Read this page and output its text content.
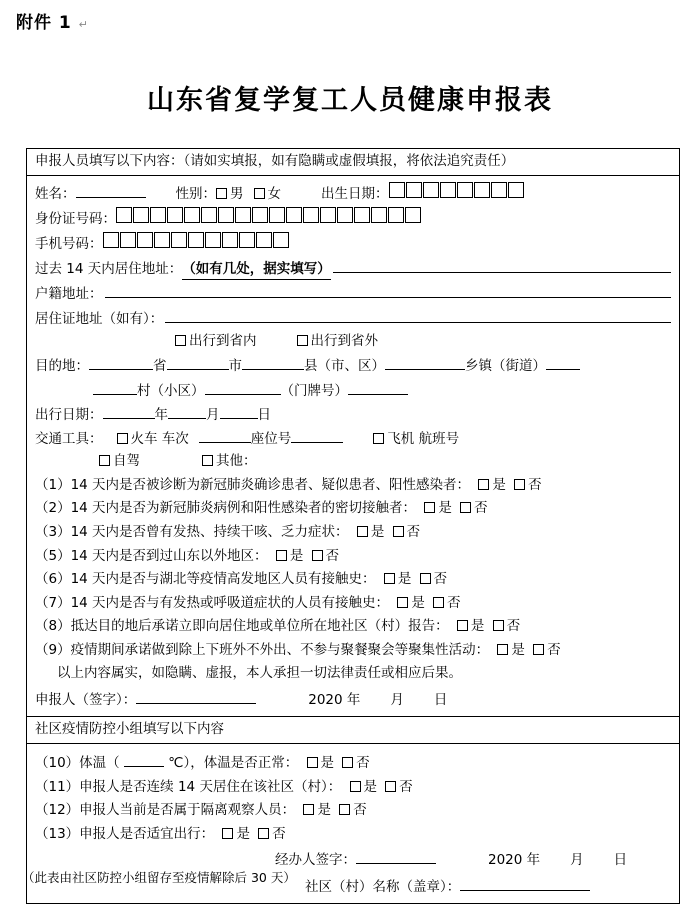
附件 1 ↵
山东省复学复工人员健康申报表
申报人员填写以下内容：（请如实填报，如有隐瞒或虚假填报，将依法追究责任）
姓名：	性别：	男	女	出生日期：
身份证号码：
手机号码：
过去 14 天内居住地址： （如有几处，据实填写）
户籍地址：
居住证地址（如有）：
出行到省内	出行到省外
目的地：	省	市	县（市、区）	乡镇（街道）
村（小区）	（门牌号）
出行日期：	年	月	日
交通工具：	火车 车次	座位号	飞机 航班号
自驾	其他：
（1）14 天内是否被诊断为新冠肺炎确诊患者、疑似患者、阳性感染者： 是 否
（2）14 天内是否为新冠肺炎病例和阳性感染者的密切接触者： 是 否
（3）14 天内是否曾有发热、持续干咳、乏力症状： 是 否
（5）14 天内是否到过山东以外地区： 是 否
（6）14 天内是否与湖北等疫情高发地区人员有接触史： 是 否
（7）14 天内是否与有发热或呼吸道症状的人员有接触史： 是 否
（8）抵达目的地后承诺立即向居住地或单位所在地社区（村）报告： 是 否
（9）疫情期间承诺做到除上下班外不外出、不参与聚餐聚会等聚集性活动： 是 否
以上内容属实，如隐瞒、虚报，本人承担一切法律责任或相应后果。
申报人（签字）：	2020 年 月 日
社区疫情防控小组填写以下内容
（10）体温（	℃），体温是否正常： 是 否
（11）申报人是否连续 14 天居住在该社区（村）： 是 否
（12）申报人当前是否属于隔离观察人员： 是 否
（13）申报人是否适宜出行： 是 否
经办人签字：	2020 年 月 日
社区（村）名称（盖章）：
（此表由社区防控小组留存至疫情解除后 30 天）
